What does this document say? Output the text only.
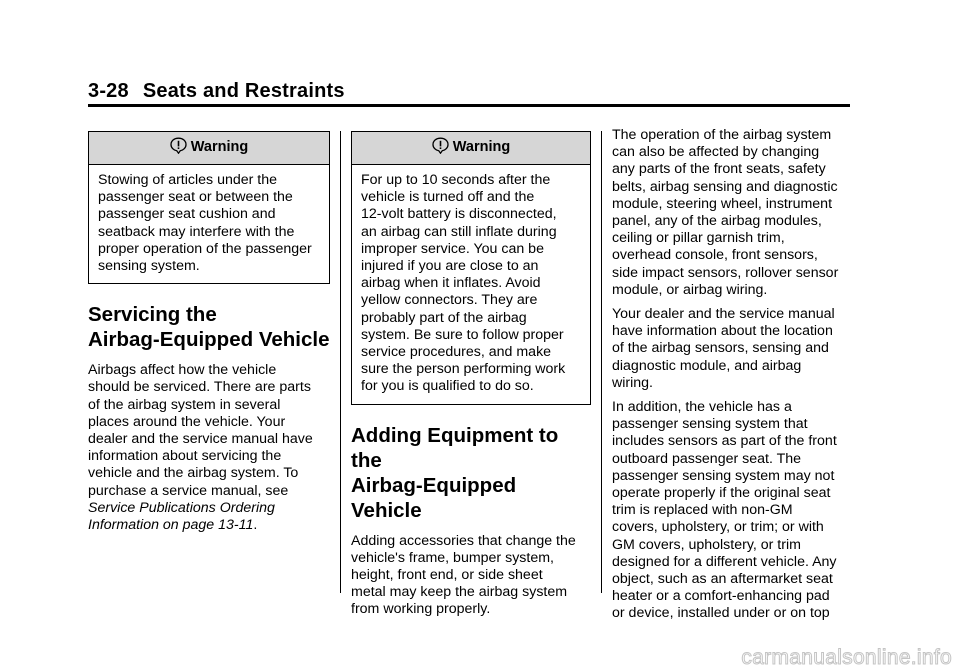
3-28 Seats and Restraints
Warning

Stowing of articles under the

passenger seat or between the

passenger seat cushion and

seatback may interfere with the

proper operation of the passenger

sensing system.

Servicing the
Airbag-Equipped Vehicle

Airbags affect how the vehicle

should be serviced. There are parts

of the airbag system in several

places around the vehicle. Your

dealer and the service manual have

information about servicing the

vehicle and the airbag system. To

purchase a service manual, see

Service Publications Ordering

Information on page 13-11.

Warning

For up to 10 seconds after the

vehicle is turned off and the

12-volt battery is disconnected,

an airbag can still inflate during

improper service. You can be

injured if you are close to an

airbag when it inflates. Avoid

yellow connectors. They are

probably part of the airbag

system. Be sure to follow proper

service procedures, and make

sure the person performing work

for you is qualified to do so.

Adding Equipment to the
Airbag-Equipped Vehicle

Adding accessories that change the

vehicle's frame, bumper system,

height, front end, or side sheet

metal may keep the airbag system

from working properly.

The operation of the airbag system

can also be affected by changing

any parts of the front seats, safety

belts, airbag sensing and diagnostic

module, steering wheel, instrument

panel, any of the airbag modules,

ceiling or pillar garnish trim,

overhead console, front sensors,

side impact sensors, rollover sensor

module, or airbag wiring.

Your dealer and the service manual

have information about the location

of the airbag sensors, sensing and

diagnostic module, and airbag

wiring.

In addition, the vehicle has a

passenger sensing system that

includes sensors as part of the front

outboard passenger seat. The

passenger sensing system may not

operate properly if the original seat

trim is replaced with non-GM

covers, upholstery, or trim; or with

GM covers, upholstery, or trim

designed for a different vehicle. Any

object, such as an aftermarket seat

heater or a comfort-enhancing pad

or device, installed under or on top

carmanualsonline.info
